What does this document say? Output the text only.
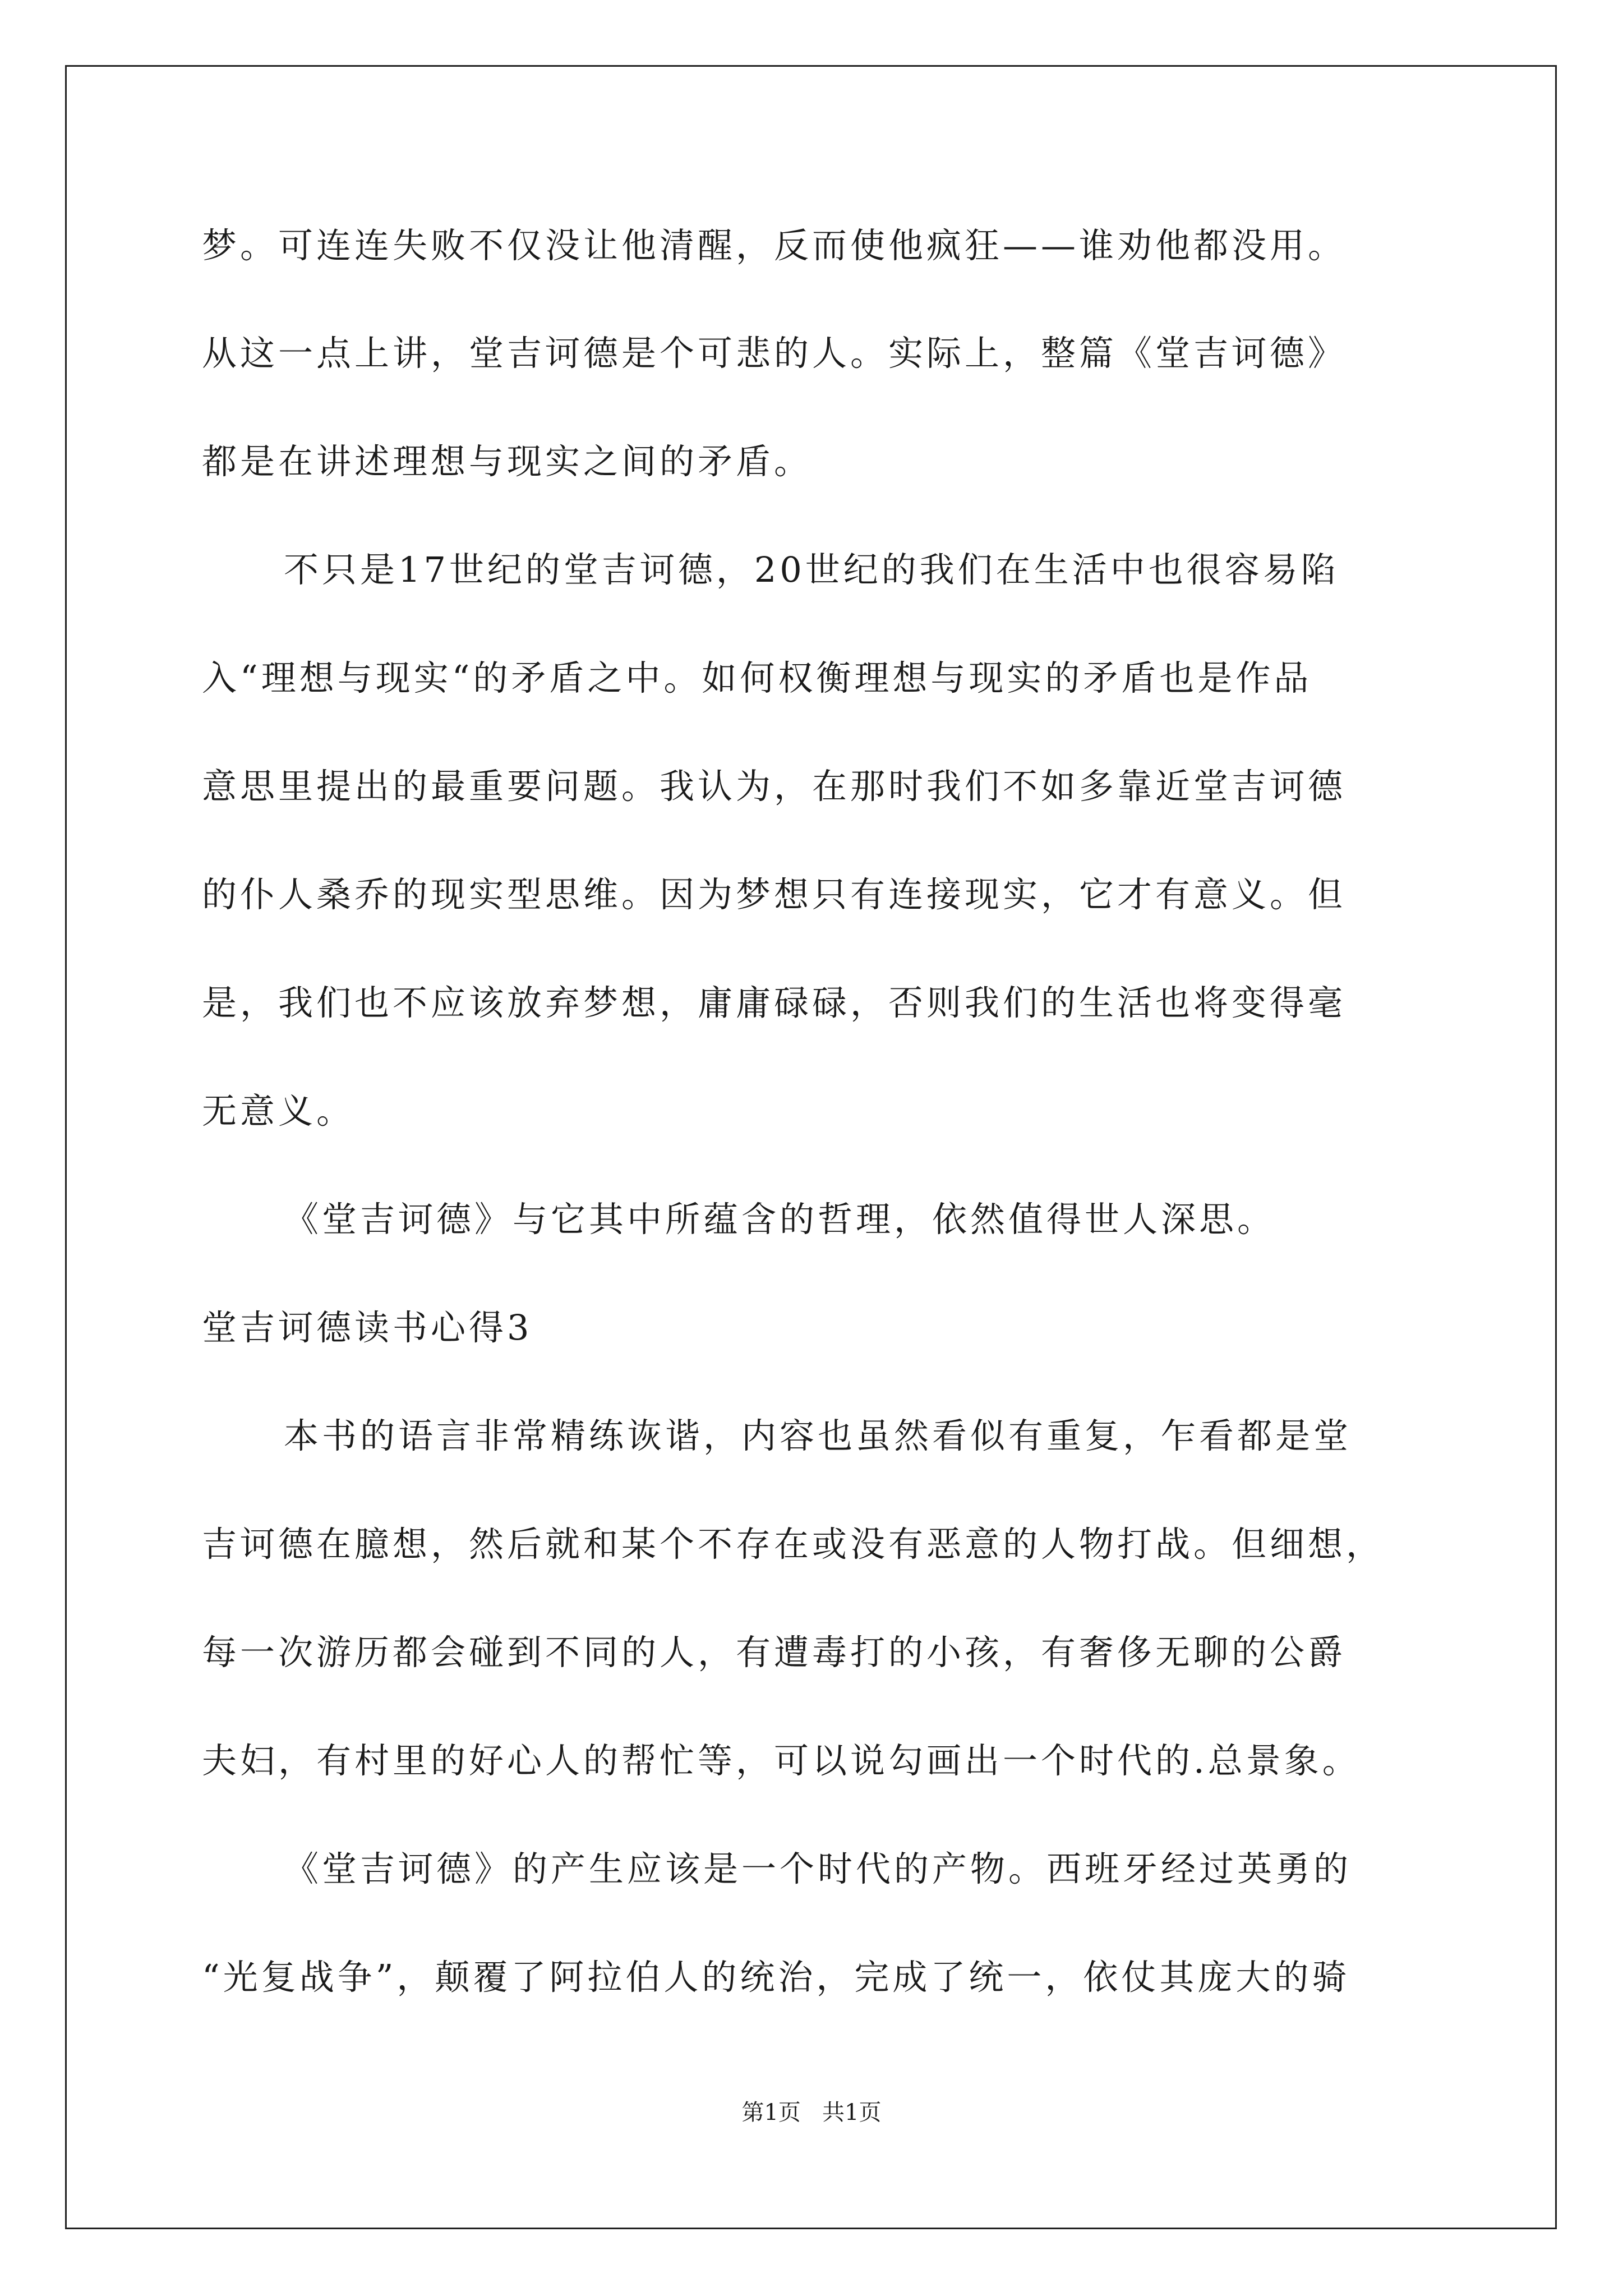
梦。可连连失败不仅没让他清醒，反而使他疯狂——谁劝他都没用。
从这一点上讲，堂吉诃德是个可悲的人。实际上，整篇《堂吉诃德》
都是在讲述理想与现实之间的矛盾。
不只是17世纪的堂吉诃德，20世纪的我们在生活中也很容易陷
入“理想与现实“的矛盾之中。如何权衡理想与现实的矛盾也是作品
意思里提出的最重要问题。我认为，在那时我们不如多靠近堂吉诃德
的仆人桑乔的现实型思维。因为梦想只有连接现实，它才有意义。但
是，我们也不应该放弃梦想，庸庸碌碌，否则我们的生活也将变得毫
无意义。
《堂吉诃德》与它其中所蕴含的哲理，依然值得世人深思。
堂吉诃德读书心得3
本书的语言非常精练诙谐，内容也虽然看似有重复，乍看都是堂
吉诃德在臆想，然后就和某个不存在或没有恶意的人物打战。但细想，
每一次游历都会碰到不同的人，有遭毒打的小孩，有奢侈无聊的公爵
夫妇，有村里的好心人的帮忙等，可以说勾画出一个时代的.总景象。
《堂吉诃德》的产生应该是一个时代的产物。西班牙经过英勇的
“光复战争”，颠覆了阿拉伯人的统治，完成了统一，依仗其庞大的骑
第1页   共1页
